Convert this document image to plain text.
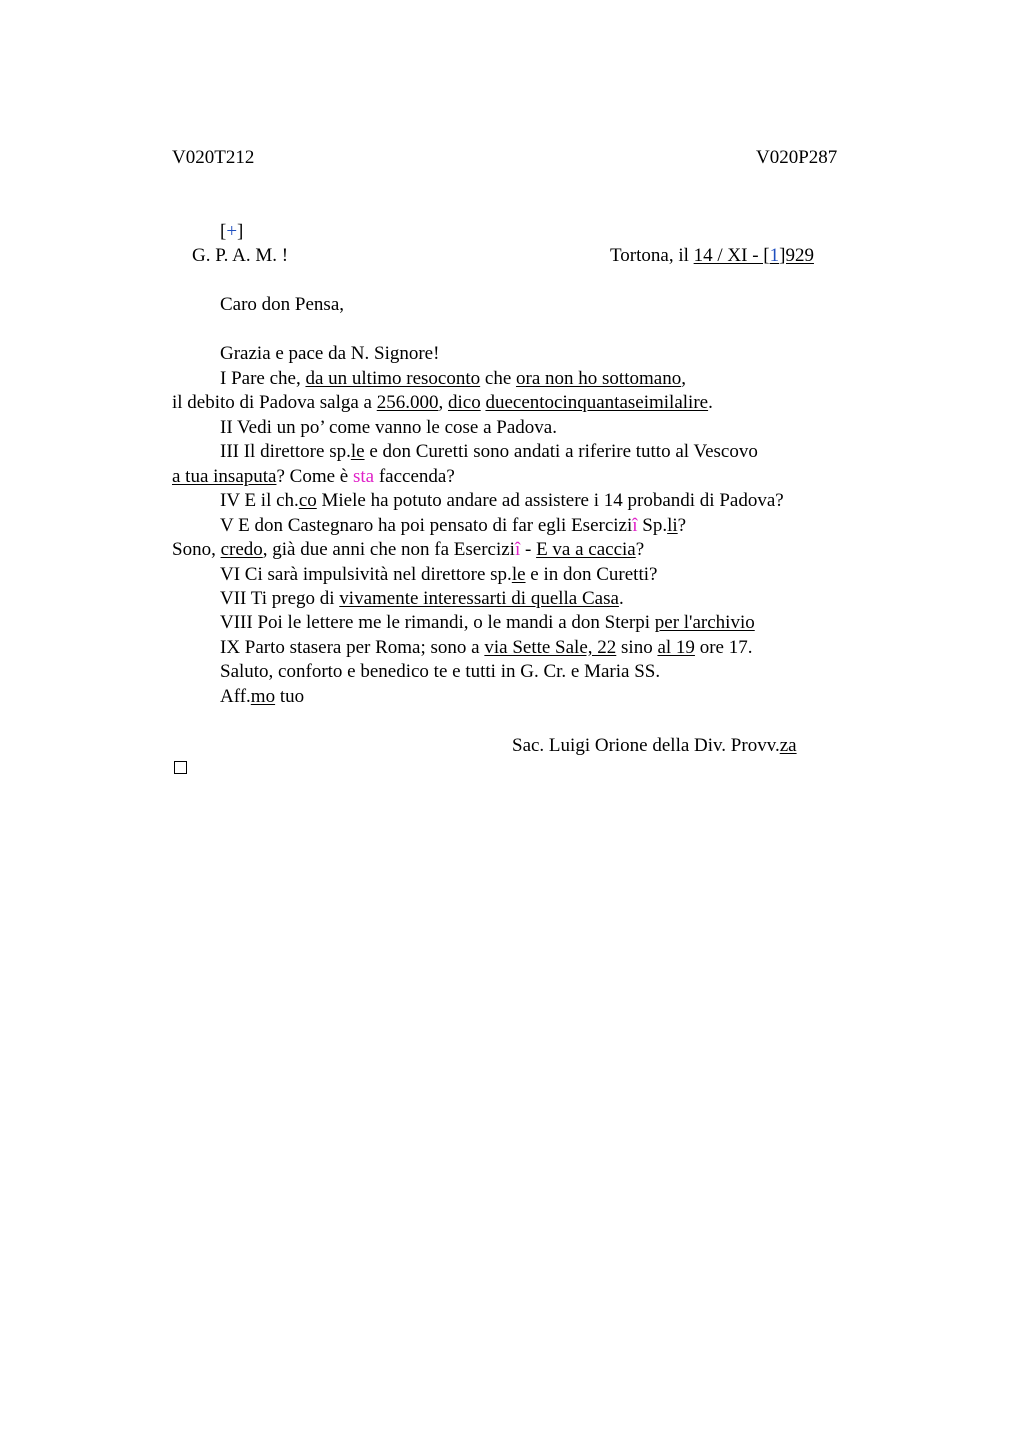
V020T212	V020P287
[+]
G. P. A. M. !	Tortona, il 14 / XI - [1]929
Caro don Pensa,
Grazia e pace da N. Signore!
I Pare che, da un ultimo resoconto che ora non ho sottomano,
il debito di Padova salga a 256.000, dico duecentocinquantaseimilalire.
II Vedi un po’ come vanno le cose a Padova.
III Il direttore sp.le e don Curetti sono andati a riferire tutto al Vescovo
a tua insaputa? Come è sta faccenda?
IV E il ch.co Miele ha potuto andare ad assistere i 14 probandi di Padova?
V E don Castegnaro ha poi pensato di far egli Eserciziî Sp.li?
Sono, credo, già due anni che non fa Eserciziî - E va a caccia?
VI Ci sarà impulsività nel direttore sp.le e in don Curetti?
VII Ti prego di vivamente interessarti di quella Casa.
VIII Poi le lettere me le rimandi, o le mandi a don Sterpi per l'archivio
IX Parto stasera per Roma; sono a via Sette Sale, 22 sino al 19 ore 17.
Saluto, conforto e benedico te e tutti in G. Cr. e Maria SS.
Aff.mo tuo
Sac. Luigi Orione della Div. Provv.za
